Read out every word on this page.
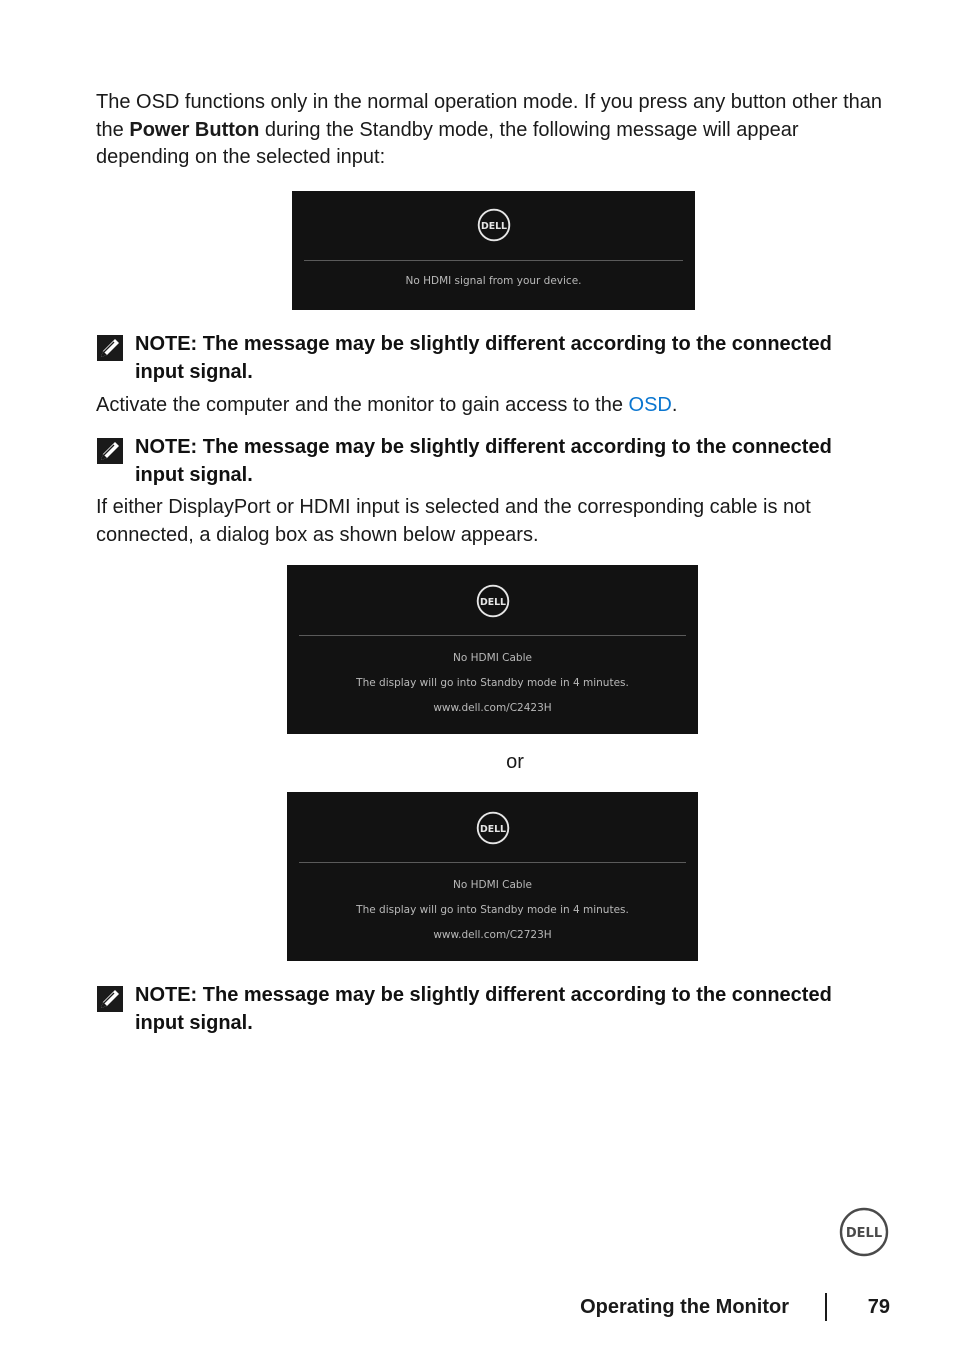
The OSD functions only in the normal operation mode. If you press any button other than the Power Button during the Standby mode, the following message will appear depending on the selected input:

DELL
No HDMI signal from your device.

NOTE: The message may be slightly different according to the connected input signal.

Activate the computer and the monitor to gain access to the OSD.

NOTE: The message may be slightly different according to the connected input signal.

If either DisplayPort or HDMI input is selected and the corresponding cable is not connected, a dialog box as shown below appears.

DELL
No HDMI Cable
The display will go into Standby mode in 4 minutes.
www.dell.com/C2423H
or
DELL
No HDMI Cable
The display will go into Standby mode in 4 minutes.
www.dell.com/C2723H

NOTE: The message may be slightly different according to the connected input signal.

DELL
Operating the Monitor	79
